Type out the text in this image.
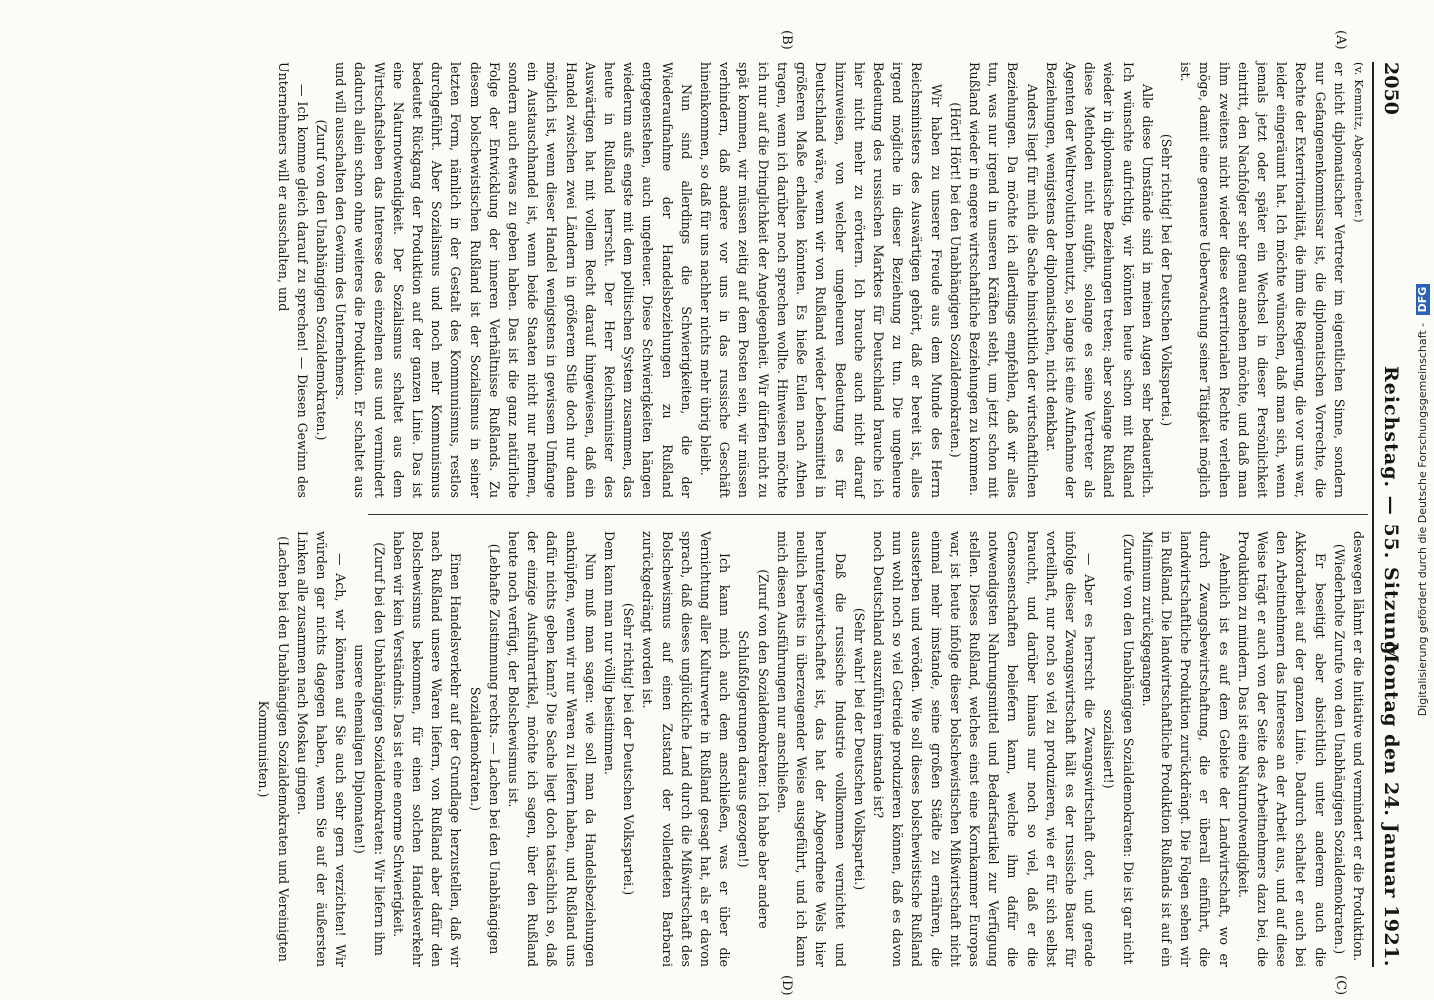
2050
Reichstag. — 55. Sitzung.
Montag den 24. Januar 1921.
(A)
(B)
(C)
(D)
(v. Kemnitz, Abgeordneter.)

er nicht diplomatischer Vertreter im eigentlichen Sinne, sondern nur Gefangenenkommissar ist, die diplomatischen Vorrechte, die Rechte der Exterritorialität, die ihm die Regierung, die vor uns war, leider eingeräumt hat. Ich möchte wünschen, daß man sich, wenn jemals jetzt oder später ein Wechsel in dieser Persönlichkeit eintritt, den Nachfolger sehr genau ansehen möchte, und daß man ihm zweitens nicht wieder diese exterritorialen Rechte verleihen möge, damit eine genauere Ueberwachung seiner Tätigkeit möglich ist.

(Sehr richtig! bei der Deutschen Volkspartei.)

Alle diese Umstände sind in meinen Augen sehr bedauerlich. Ich wünschte aufrichtig, wir könnten heute schon mit Rußland wieder in diplomatische Beziehungen treten; aber solange Rußland diese Methoden nicht aufgibt, solange es seine Vertreter als Agenten der Weltrevolution benutzt, so lange ist eine Aufnahme der Beziehungen, wenigstens der diplomatischen, nicht denkbar.

Anders liegt für mich die Sache hinsichtlich der wirtschaftlichen Beziehungen. Da möchte ich allerdings empfehlen, daß wir alles tun, was nur irgend in unseren Kräften steht, um jetzt schon mit Rußland wieder in engere wirtschaftliche Beziehungen zu kommen.

(Hört! Hört! bei den Unabhängigen Sozialdemokraten.)

Wir haben zu unserer Freude aus dem Munde des Herrn Reichsministers des Auswärtigen gehört, daß er bereit ist, alles irgend mögliche in dieser Beziehung zu tun. Die ungeheure Bedeutung des russischen Marktes für Deutschland brauche ich hier nicht mehr zu erörtern. Ich brauche auch nicht darauf hinzuweisen, von welcher ungeheuren Bedeutung es für Deutschland wäre, wenn wir von Rußland wieder Lebensmittel in größeren Maße erhalten könnten. Es hieße Eulen nach Athen tragen, wenn ich darüber noch sprechen wollte. Hinweisen möchte ich nur auf die Dringlichkeit der Angelegenheit. Wir dürfen nicht zu spät kommen, wir müssen zeitig auf dem Posten sein, wir müssen verhindern, daß andere vor uns in das russische Geschäft hineinkommen, so daß für uns nachher nichts mehr übrig bleibt.

Nun sind allerdings die Schwierigkeiten, die der Wiederaufnahme der Handelsbeziehungen zu Rußland entgegenstehen, auch ungeheuer. Diese Schwierigkeiten hängen wiederum aufs engste mit dem politischen System zusammen, das heute in Rußland herrscht. Der Herr Reichsminister des Auswärtigen hat mit vollem Recht darauf hingewiesen, daß ein Handel zwischen zwei Ländern in größerem Stile doch nur dann möglich ist, wenn dieser Handel wenigstens in gewissem Umfange ein Austauschhandel ist, wenn beide Staaten nicht nur nehmen, sondern auch etwas zu geben haben. Das ist die ganz natürliche Folge der Entwicklung der inneren Verhältnisse Rußlands. Zu diesem bolschewistischen Rußland ist der Sozialismus in seiner letzten Form, nämlich in der Gestalt des Kommunismus, restlos durchgeführt. Aber Sozialismus und noch mehr Kommunismus bedeutet Rückgang der Produktion auf der ganzen Linie. Das ist eine Naturnotwendigkeit. Der Sozialismus schaltet aus dem Wirtschaftsleben das Interesse des einzelnen aus und vermindert dadurch allein schon ohne weiteres die Produktion. Er schaltet aus und will ausschalten den Gewinn des Unternehmers.

(Zuruf von den Unabhängigen Sozialdemokraten.)

— Ich komme gleich darauf zu sprechen! — Diesen Gewinn des Unternehmers will er ausschalten, und

deswegen lähmt er die Initiative und vermindert er die Produktion.

(Wiederholte Zurufe von den Unabhängigen Sozialdemokraten.)

Er beseitigt aber absichtlich unter anderem auch die Akkordarbeit auf der ganzen Linie. Dadurch schaltet er auch bei den Arbeitnehmern das Interesse an der Arbeit aus, und auf diese Weise trägt er auch von der Seite des Arbeitnehmers dazu bei, die Produktion zu mindern. Das ist eine Naturnotwendigkeit.

Aehnlich ist es auf dem Gebiete der Landwirtschaft, wo er durch Zwangsbewirtschaftung, die er überall einführt, die landwirtschaftliche Produktion zurückdrängt. Die Folgen sehen wir in Rußland. Die landwirtschaftliche Produktion Rußlands ist auf ein Minimum zurückgegangen.

(Zurufe von den Unabhängigen Sozialdemokraten: Die ist gar nicht sozialisiert!)

— Aber es herrscht die Zwangswirtschaft dort, und gerade infolge dieser Zwangswirtschaft hält es der russische Bauer für vorteilhaft, nur noch so viel zu produzieren, wie er für sich selbst braucht, und darüber hinaus nur noch so viel, daß er die Genossenschaften beliefern kann, welche ihm dafür die notwendigsten Nahrungsmittel und Bedarfsartikel zur Verfügung stellen. Dieses Rußland, welches einst eine Kornkammer Europas war, ist heute infolge dieser bolschewistischen Mißwirtschaft nicht einmal mehr imstande, seine großen Städte zu ernähren, die aussterben und veröden. Wie soll dieses bolschewistische Rußland nun wohl noch so viel Getreide produzieren können, daß es davon noch Deutschland auszuführen imstande ist?

(Sehr wahr! bei der Deutschen Volkspartei.)

Daß die russische Industrie vollkommen vernichtet und heruntergewirtschaftet ist, das hat der Abgeordnete Wels hier neulich bereits in überzeugender Weise ausgeführt, und ich kann mich diesen Ausführungen nur anschließen.

(Zuruf von den Sozialdemokraten: Ich habe aber andere Schlußfolgerungen daraus gezogen!)

Ich kann mich auch dem anschließen, was er über die Vernichtung aller Kulturwerte in Rußland gesagt hat, als er davon sprach, daß dieses unglückliche Land durch die Mißwirtschaft des Bolschewismus auf einen Zustand der vollendeten Barbarei zurückgedrängt worden ist.

(Sehr richtig! bei der Deutschen Volkspartei.)

Dem kann man nur völlig beistimmen.

Nun muß man sagen: wie soll man da Handelsbeziehungen anknüpfen, wenn wir nur Waren zu liefern haben, und Rußland uns dafür nichts geben kann? Die Sache liegt doch tatsächlich so, daß der einzige Ausfuhrartikel, möchte ich sagen, über den Rußland heute noch verfügt, der Bolschewismus ist.

(Lebhafte Zustimmung rechts. — Lachen bei den Unabhängigen Sozialdemokraten.)

Einen Handelsverkehr auf der Grundlage herzustellen, daß wir nach Rußland unsere Waren liefern, von Rußland aber dafür den Bolschewismus bekommen, für einen solchen Handelsverkehr haben wir kein Verständnis. Das ist eine enorme Schwierigkeit.

(Zuruf bei den Unabhängigen Sozialdemokraten: Wir liefern ihm unsere ehemaligen Diplomaten!)

— Ach, wir könnten auf Sie auch sehr gern verzichten! Wir würden gar nichts dagegen haben, wenn Sie auf der äußersten Linken alle zusammen nach Moskau gingen.

(Lachen bei den Unabhängigen Sozialdemokraten und Vereinigten Kommunisten.)

Digitalisierung gefördert durch die Deutsche Forschungsgemeinschaft - DFG
